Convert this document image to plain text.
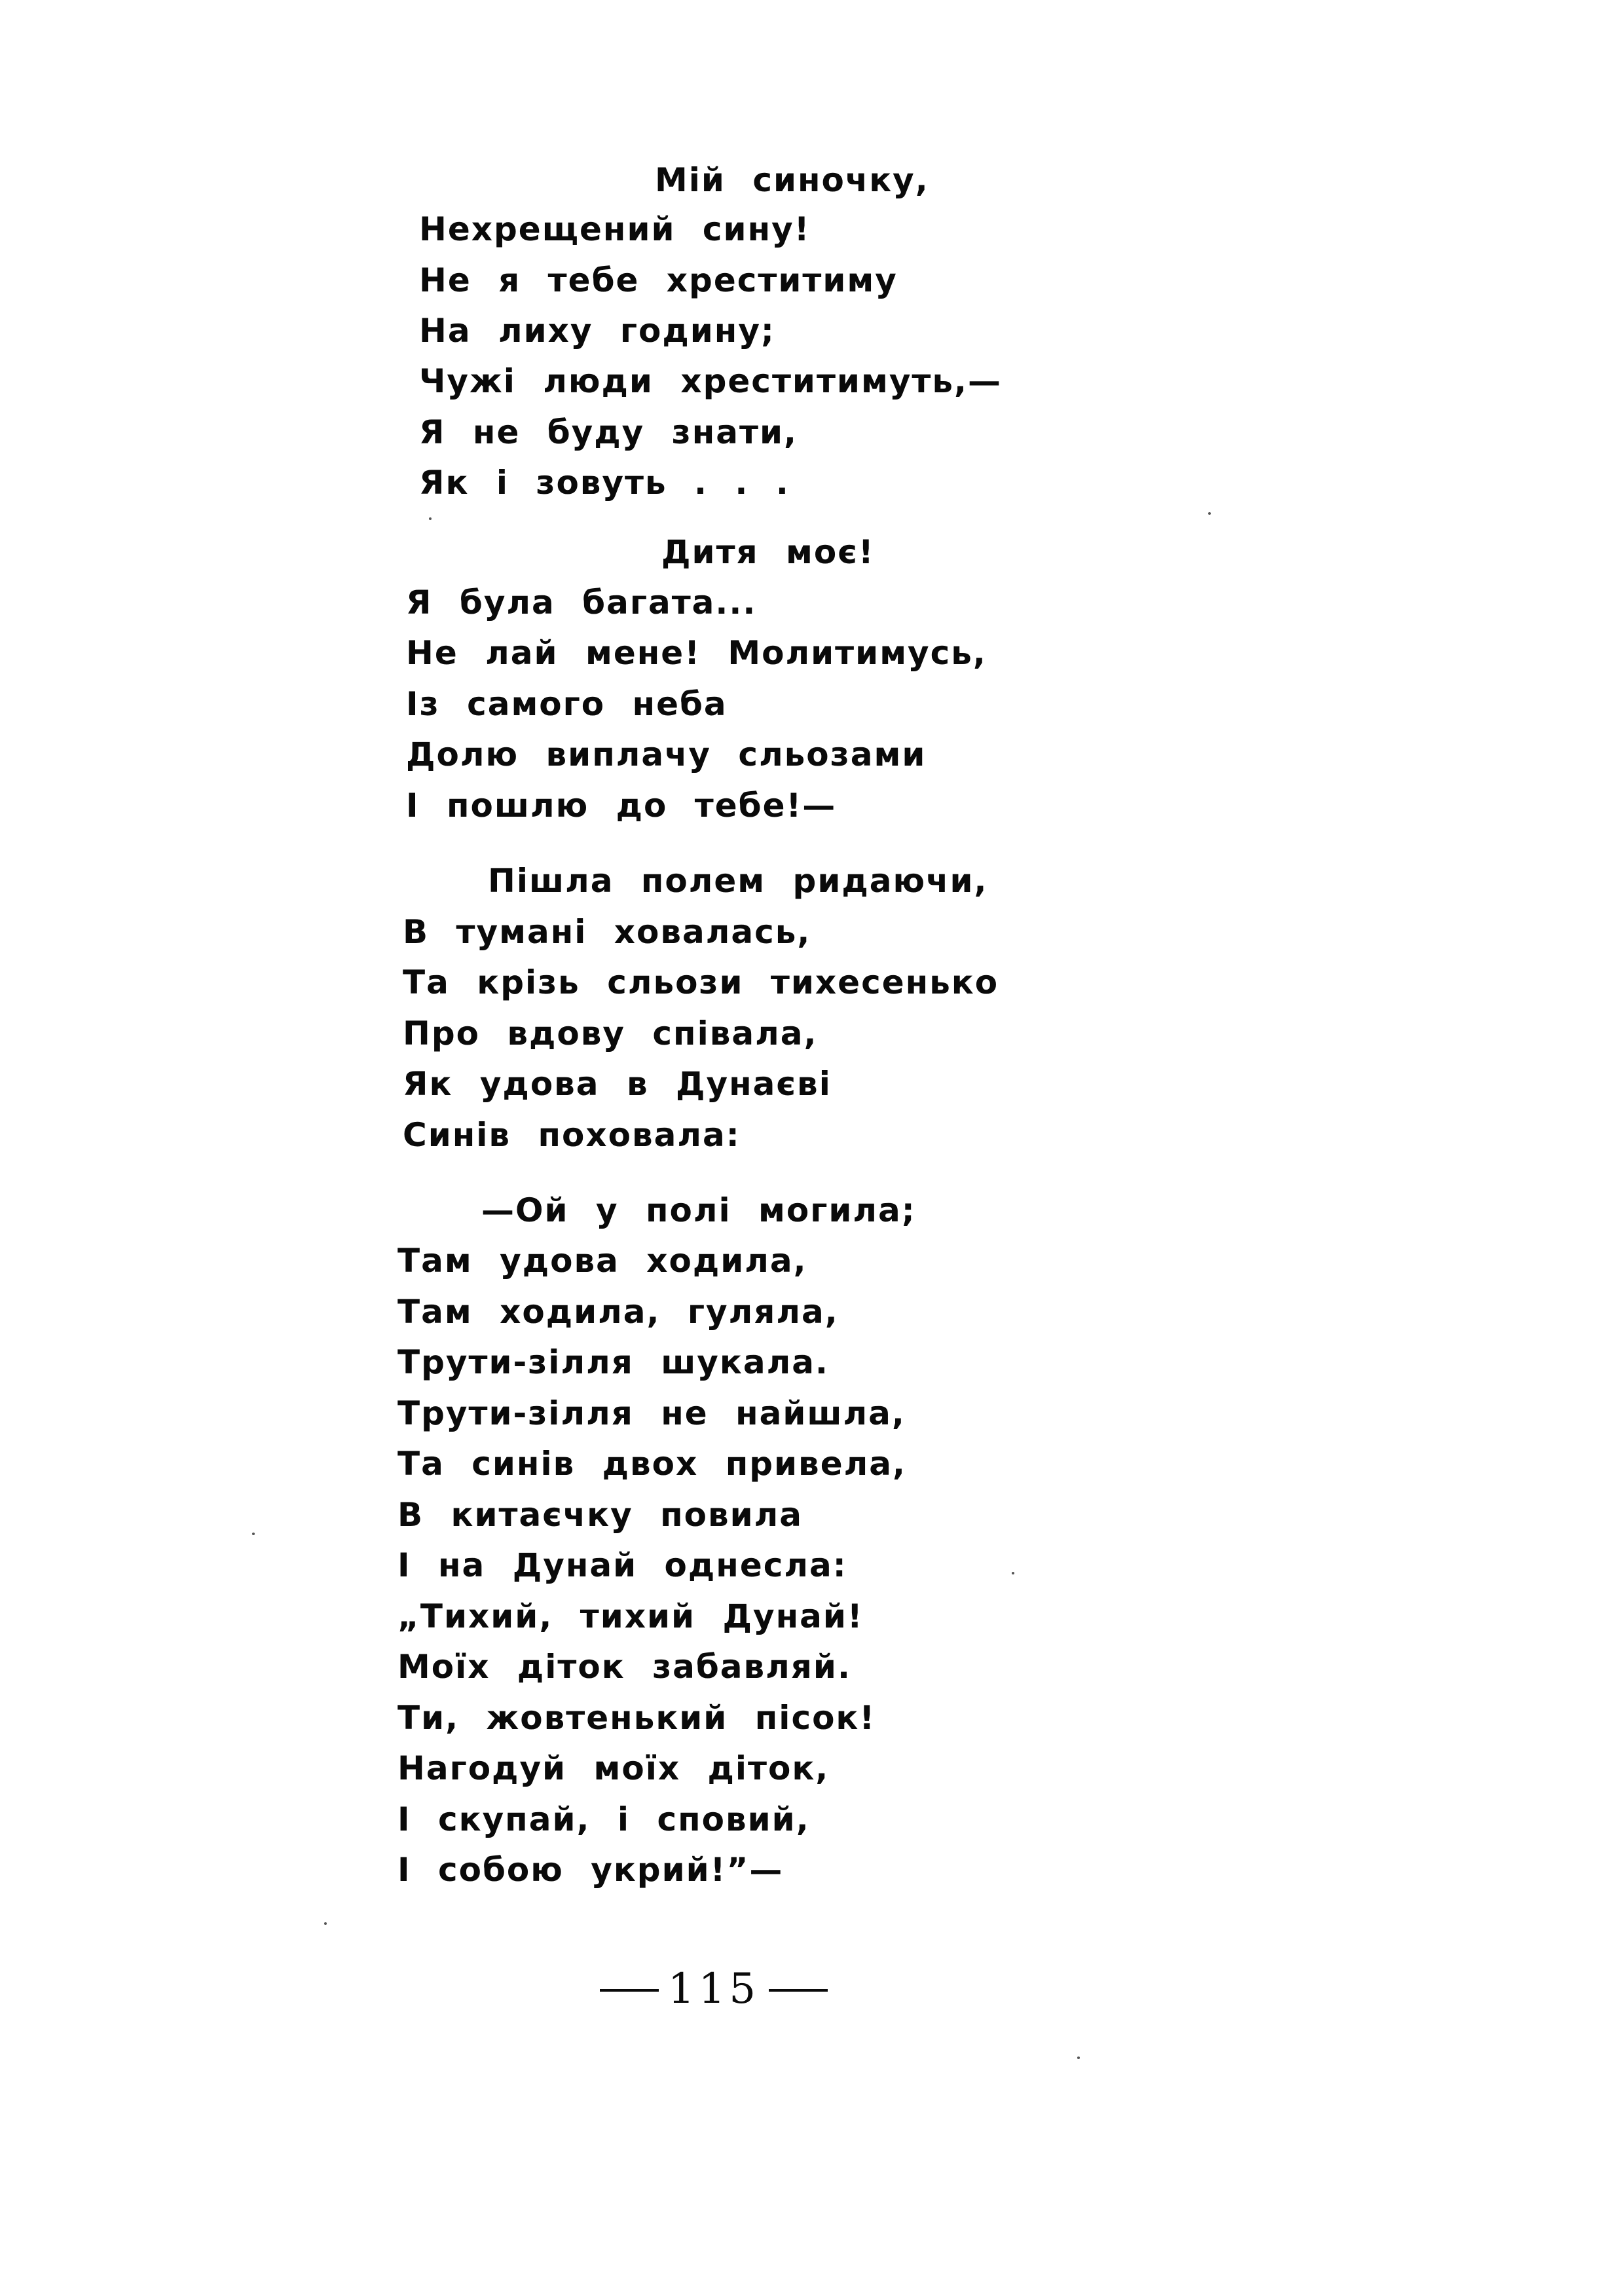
Мій синочку,
Нехрещений сину!
Не я тебе хреститиму
На лиху годину;
Чужі люди хреститимуть,—
Я не буду знати,
Як і зовуть . . .
Дитя моє!
Я була багата...
Не лай мене! Молитимусь,
Із самого неба
Долю виплачу сльозами
І пошлю до тебе!—
Пішла полем ридаючи,
В тумані ховалась,
Та крізь сльози тихесенько
Про вдову співала,
Як удова в Дунаєві
Синів поховала:
—Ой у полі могила;
Там удова ходила,
Там ходила, гуляла,
Трути-зілля шукала.
Трути-зілля не найшла,
Та синів двох привела,
В китаєчку повила
І на Дунай однесла:
„Тихий, тихий Дунай!
Моїх діток забавляй.
Ти, жовтенький пісок!
Нагодуй моїх діток,
І скупай, і сповий,
І собою укрий!”—
115
